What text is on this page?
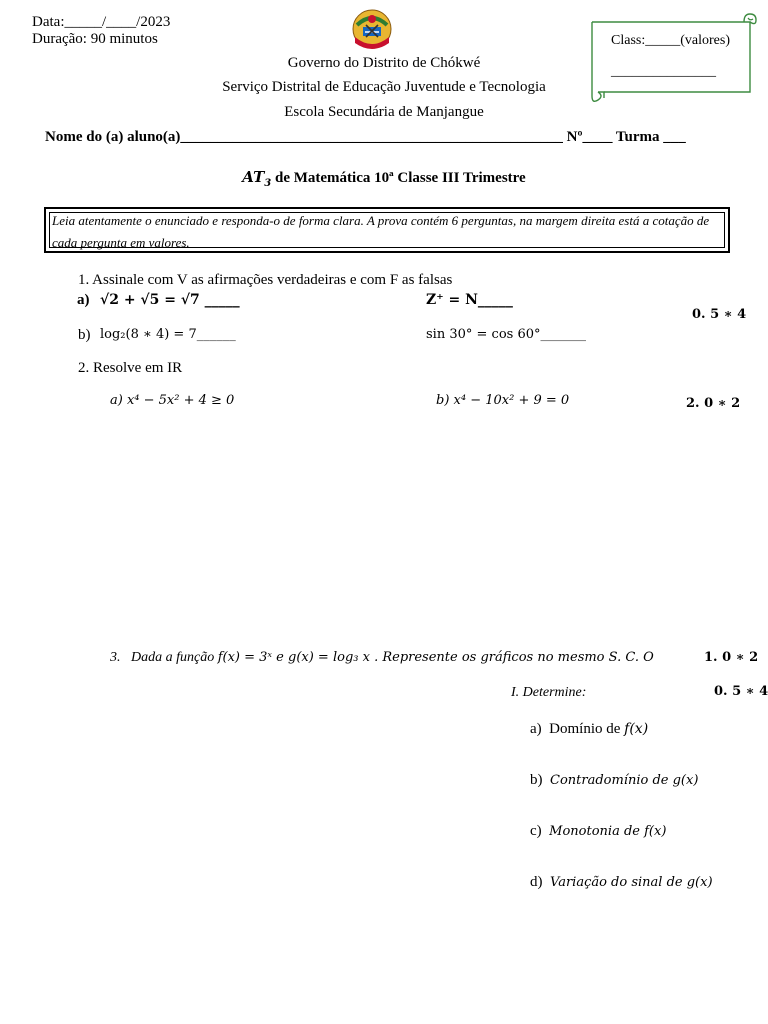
Data:_____/____/2023
Duração: 90 minutos	Class:_____(valores)
_______________
Governo do Distrito de Chókwé
Serviço Distrital de Educação Juventude e Tecnologia
Escola Secundária de Manjangue
Nome do (a) aluno(a)___________________________________________________ Nº____ Turma ___
$AT_3$ de Matemática 10ª Classe III Trimestre
Leia atentamente o enunciado e responda-o de forma clara. A prova contém 6 perguntas, na margem direita está a cotação de cada pergunta em valores.
1. Assinale com V as afirmações verdadeiras e com F as falsas
a) √2 + √5 = √7 _____	Z⁺ = N_____
0. 5 ∗ 4
b) log₂(8 ∗ 4) = 7______	sin 30° = cos 60°_______
2. Resolve em IR
a) x⁴ − 5x² + 4 ≥ 0	b) x⁴ − 10x² + 9 = 0	2. 0 ∗ 2
3. Dada a função f(x) = 3ˣ e g(x) = log₃ x . Represente os gráficos no mesmo S. C. O	1. 0 ∗ 2
I. Determine:	0. 5 ∗ 4
a) Domínio de f(x)
b) Contradomínio de g(x)
c) Monotonia de f(x)
d) Variação do sinal de g(x)
